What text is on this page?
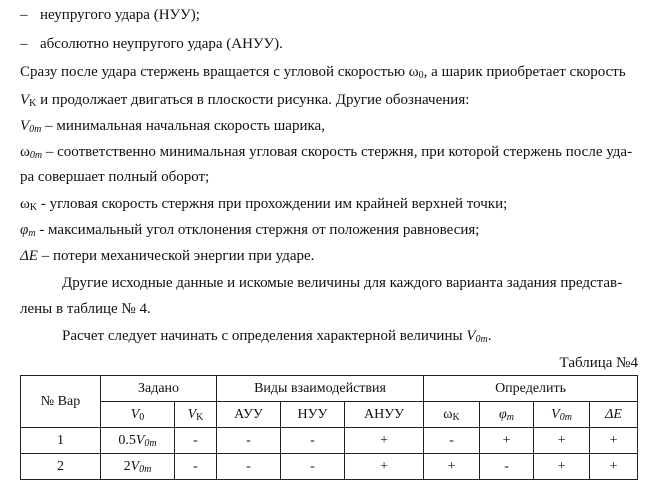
– неупругого удара (НУУ);
– абсолютно неупругого удара (АНУУ).
Сразу после удара стержень вращается с угловой скоростью $\omega_0$, а шарик приобретает скорость
$V_K$ и продолжает двигаться в плоскости рисунка. Другие обозначения:
$V_{0m}$ – минимальная начальная скорость шарика,
$\omega_{0m}$ – соответственно минимальная угловая скорость стержня, при которой стержень после уда-
ра совершает полный оборот;
$\omega_K$ - угловая скорость стержня при прохождении им крайней верхней точки;
$\varphi_m$ - максимальный угол отклонения стержня от положения равновесия;
ΔE – потери механической энергии при ударе.
Другие исходные данные и искомые величины для каждого варианта задания представ-
лены в таблице № 4.
Расчет следует начинать с определения характерной величины $V_{0m}$.
Таблица №4
№ Вар	Задано		Виды взаимодействия			Определить			
	$V_0$	$V_K$	АУУ	НУУ	АНУУ	$\omega_K$	$\varphi_m$	$V_{0m}$	ΔE
1	$0.5V_{0m}$	-	-	-	+	-	+	+	+
2	$2V_{0m}$	-	-	-	+	+	-	+	+
